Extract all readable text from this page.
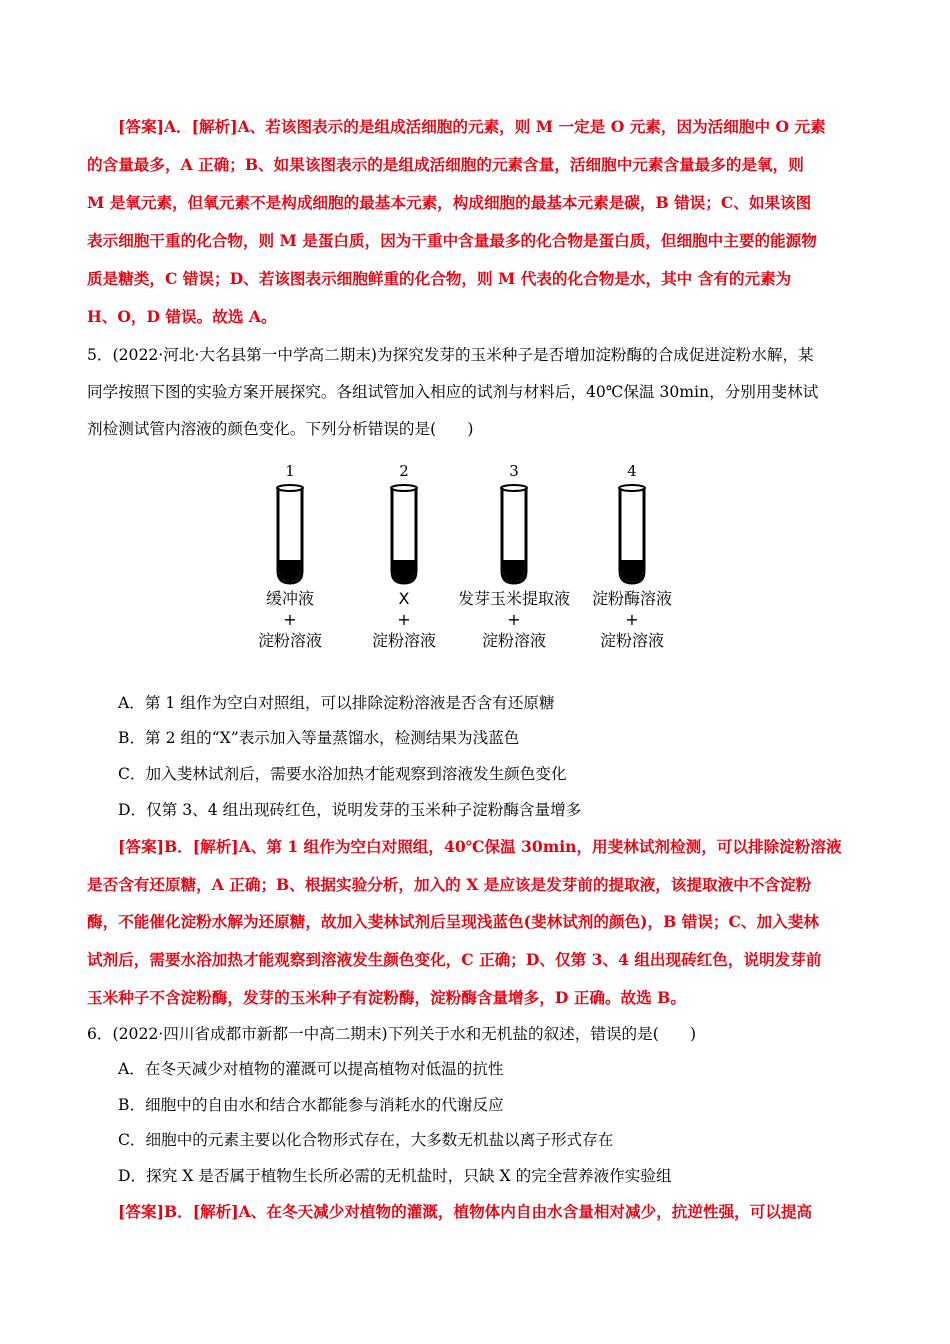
[答案]A．[解析]A、若该图表示的是组成活细胞的元素，则 M 一定是 O 元素，因为活细胞中 O 元素
的含量最多，A 正确；B、如果该图表示的是组成活细胞的元素含量，活细胞中元素含量最多的是氧，则
M 是氧元素，但氧元素不是构成细胞的最基本元素，构成细胞的最基本元素是碳，B 错误；C、如果该图
表示细胞干重的化合物，则 M 是蛋白质，因为干重中含量最多的化合物是蛋白质，但细胞中主要的能源物
质是糖类，C 错误；D、若该图表示细胞鲜重的化合物，则 M 代表的化合物是水，其中 含有的元素为
H、O，D 错误。故选 A。
5．(2022·河北·大名县第一中学高二期末)为探究发芽的玉米种子是否增加淀粉酶的合成促进淀粉水解，某
同学按照下图的实验方案开展探究。各组试管加入相应的试剂与材料后，40℃保温 30min，分别用斐林试
剂检测试管内溶液的颜色变化。下列分析错误的是(　　)
1	2	3	4
缓冲液
+
淀粉溶液
X
+
淀粉溶液
发芽玉米提取液
+
淀粉溶液
淀粉酶溶液
+
淀粉溶液
A．第 1 组作为空白对照组，可以排除淀粉溶液是否含有还原糖
B．第 2 组的“X”表示加入等量蒸馏水，检测结果为浅蓝色
C．加入斐林试剂后，需要水浴加热才能观察到溶液发生颜色变化
D．仅第 3、4 组出现砖红色，说明发芽的玉米种子淀粉酶含量增多
[答案]B．[解析]A、第 1 组作为空白对照组，40℃保温 30min，用斐林试剂检测，可以排除淀粉溶液
是否含有还原糖，A 正确；B、根据实验分析，加入的 X 是应该是发芽前的提取液，该提取液中不含淀粉
酶，不能催化淀粉水解为还原糖，故加入斐林试剂后呈现浅蓝色(斐林试剂的颜色)，B 错误；C、加入斐林
试剂后，需要水浴加热才能观察到溶液发生颜色变化，C 正确；D、仅第 3、4 组出现砖红色，说明发芽前
玉米种子不含淀粉酶，发芽的玉米种子有淀粉酶，淀粉酶含量增多，D 正确。故选 B。
6．(2022·四川省成都市新都一中高二期末)下列关于水和无机盐的叙述，错误的是(　　)
A．在冬天减少对植物的灌溉可以提高植物对低温的抗性
B．细胞中的自由水和结合水都能参与消耗水的代谢反应
C．细胞中的元素主要以化合物形式存在，大多数无机盐以离子形式存在
D．探究 X 是否属于植物生长所必需的无机盐时，只缺 X 的完全营养液作实验组
[答案]B．[解析]A、在冬天减少对植物的灌溉，植物体内自由水含量相对减少，抗逆性强，可以提高
